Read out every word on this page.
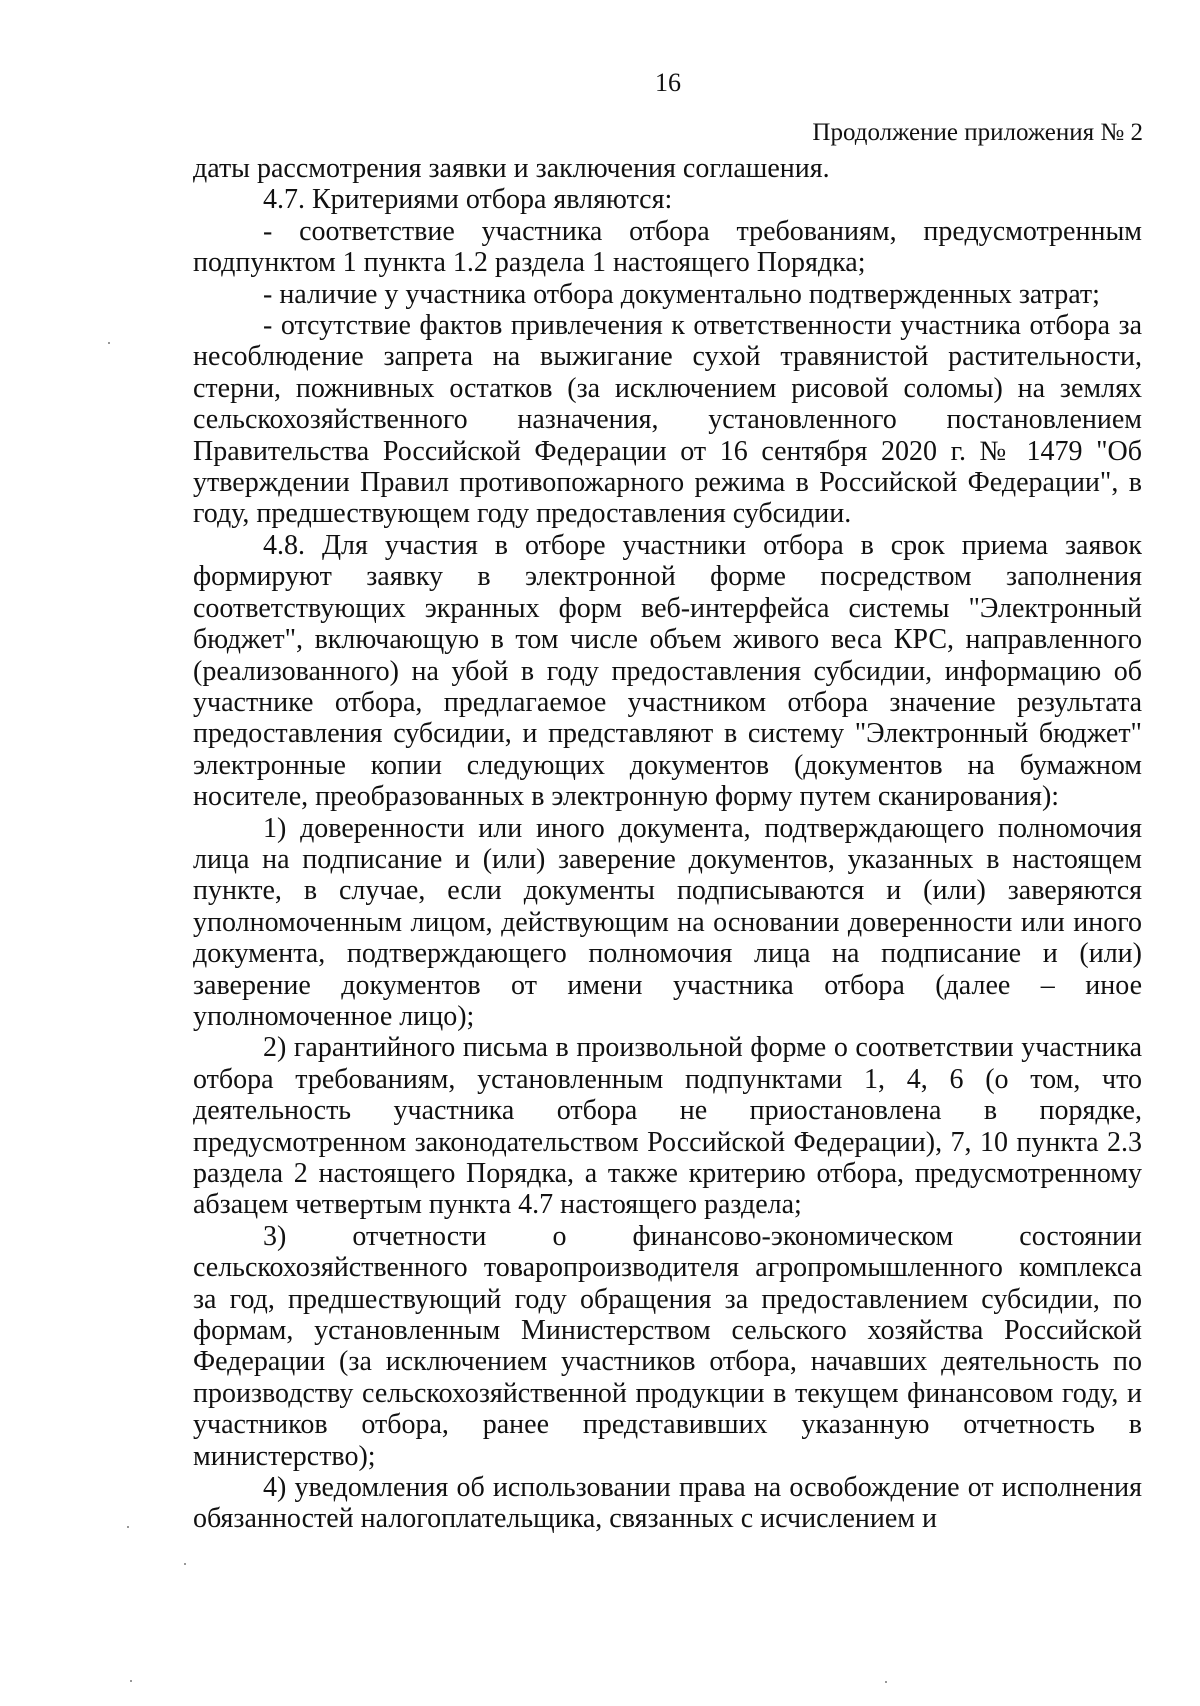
16
Продолжение приложения № 2

даты рассмотрения заявки и заключения соглашения.

4.7. Критериями отбора являются:

- соответствие участника отбора требованиям, предусмотренным подпунктом 1 пункта 1.2 раздела 1 настоящего Порядка;

- наличие у участника отбора документально подтвержденных затрат;

- отсутствие фактов привлечения к ответственности участника отбора за несоблюдение запрета на выжигание сухой травянистой растительности, стерни, пожнивных остатков (за исключением рисовой соломы) на землях сельскохозяйственного назначения, установленного постановлением Правительства Российской Федерации от 16 сентября 2020 г. № 1479 "Об утверждении Правил противопожарного режима в Российской Федерации", в году, предшествующем году предоставления субсидии.

4.8. Для участия в отборе участники отбора в срок приема заявок формируют заявку в электронной форме посредством заполнения соответствующих экранных форм веб-интерфейса системы "Электронный бюджет", включающую в том числе объем живого веса КРС, направленного (реализованного) на убой в году предоставления субсидии, информацию об участнике отбора, предлагаемое участником отбора значение результата предоставления субсидии, и представляют в систему "Электронный бюджет" электронные копии следующих документов (документов на бумажном носителе, преобразованных в электронную форму путем сканирования):

1) доверенности или иного документа, подтверждающего полномочия лица на подписание и (или) заверение документов, указанных в настоящем пункте, в случае, если документы подписываются и (или) заверяются уполномоченным лицом, действующим на основании доверенности или иного документа, подтверждающего полномочия лица на подписание и (или) заверение документов от имени участника отбора (далее – иное уполномоченное лицо);

2) гарантийного письма в произвольной форме о соответствии участника отбора требованиям, установленным подпунктами 1, 4, 6 (о том, что деятельность участника отбора не приостановлена в порядке, предусмотренном законодательством Российской Федерации), 7, 10 пункта 2.3 раздела 2 настоящего Порядка, а также критерию отбора, предусмотренному абзацем четвертым пункта 4.7 настоящего раздела;

3) отчетности о финансово-экономическом состоянии сельскохозяйственного товаропроизводителя агропромышленного комплекса за год, предшествующий году обращения за предоставлением субсидии, по формам, установленным Министерством сельского хозяйства Российской Федерации (за исключением участников отбора, начавших деятельность по производству сельскохозяйственной продукции в текущем финансовом году, и участников отбора, ранее представивших указанную отчетность в министерство);

4) уведомления об использовании права на освобождение от исполнения обязанностей налогоплательщика, связанных с исчислением и
